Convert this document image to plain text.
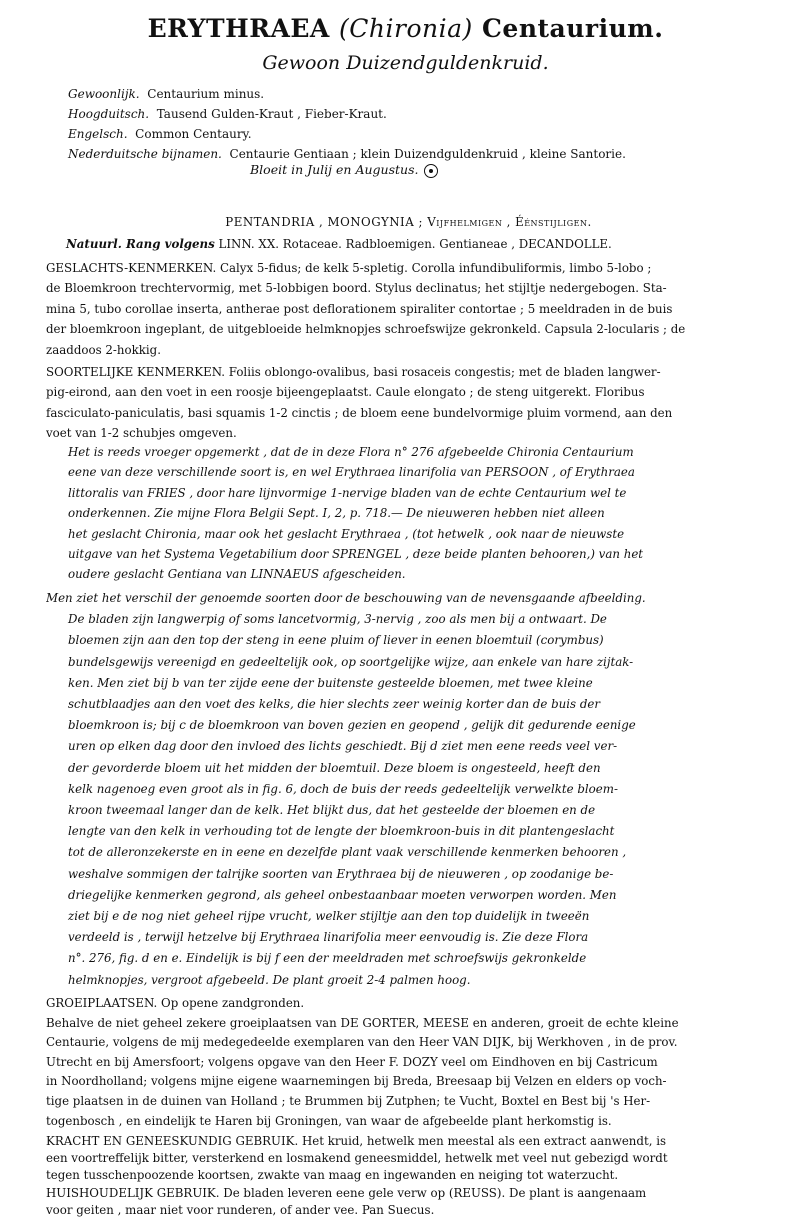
ERYTHRAEA (Chironia) Centaurium.
Gewoon Duizendguldenkruid.
Gewoonlijk. Centaurium minus.
Hoogduitsch. Tausend Gulden-Kraut , Fieber-Kraut.
Engelsch. Common Centaury.
Nederduitsche bijnamen. Centaurie Gentiaan ; klein Duizendguldenkruid , kleine Santorie.
Bloeit in Julij en Augustus.
PENTANDRIA , MONOGYNIA ; Vijfhelmigen , Éénstijligen.
Natuurl. Rang volgens LINN. XX. Rotaceae. Radbloemigen. Gentianeae , DECANDOLLE.
GESLACHTS-KENMERKEN. Calyx 5-fidus; de kelk 5-spletig. Corolla infundibuliformis, limbo 5-lobo ;
de Bloemkroon trechtervormig, met 5-lobbigen boord. Stylus declinatus; het stijltje nedergebogen. Sta-
mina 5, tubo corollae inserta, antherae post deflorationem spiraliter contortae ; 5 meeldraden in de buis
der bloemkroon ingeplant, de uitgebloeide helmknopjes schroefswijze gekronkeld. Capsula 2-locularis ; de
zaaddoos 2-hokkig.
SOORTELIJKE KENMERKEN. Foliis oblongo-ovalibus, basi rosaceis congestis; met de bladen langwer-
pig-eirond, aan den voet in een roosje bijeengeplaatst. Caule elongato ; de steng uitgerekt. Floribus
fasciculato-paniculatis, basi squamis 1-2 cinctis ; de bloem eene bundelvormige pluim vormend, aan den
voet van 1-2 schubjes omgeven.
Het is reeds vroeger opgemerkt , dat de in deze Flora n° 276 afgebeelde Chironia Centaurium
eene van deze verschillende soort is, en wel Erythraea linarifolia van PERSOON , of Erythraea
littoralis van FRIES , door hare lijnvormige 1-nervige bladen van de echte Centaurium wel te
onderkennen. Zie mijne Flora Belgii Sept. I, 2, p. 718.— De nieuweren hebben niet alleen
het geslacht Chironia, maar ook het geslacht Erythraea , (tot hetwelk , ook naar de nieuwste
uitgave van het Systema Vegetabilium door SPRENGEL , deze beide planten behooren,) van het
oudere geslacht Gentiana van LINNAEUS afgescheiden.
Men ziet het verschil der genoemde soorten door de beschouwing van de nevensgaande afbeelding.
De bladen zijn langwerpig of soms lancetvormig, 3-nervig , zoo als men bij a ontwaart. De
bloemen zijn aan den top der steng in eene pluim of liever in eenen bloemtuil (corymbus)
bundelsgewijs vereenigd en gedeeltelijk ook, op soortgelijke wijze, aan enkele van hare zijtak-
ken. Men ziet bij b van ter zijde eene der buitenste gesteelde bloemen, met twee kleine
schutblaadjes aan den voet des kelks, die hier slechts zeer weinig korter dan de buis der
bloemkroon is; bij c de bloemkroon van boven gezien en geopend , gelijk dit gedurende eenige
uren op elken dag door den invloed des lichts geschiedt. Bij d ziet men eene reeds veel ver-
der gevorderde bloem uit het midden der bloemtuil. Deze bloem is ongesteeld, heeft den
kelk nagenoeg even groot als in fig. 6, doch de buis der reeds gedeeltelijk verwelkte bloem-
kroon tweemaal langer dan de kelk. Het blijkt dus, dat het gesteelde der bloemen en de
lengte van den kelk in verhouding tot de lengte der bloemkroon-buis in dit plantengeslacht
tot de alleronzekerste en in eene en dezelfde plant vaak verschillende kenmerken behooren ,
weshalve sommigen der talrijke soorten van Erythraea bij de nieuweren , op zoodanige be-
driegelijke kenmerken gegrond, als geheel onbestaanbaar moeten verworpen worden. Men
ziet bij e de nog niet geheel rijpe vrucht, welker stijltje aan den top duidelijk in tweeën
verdeeld is , terwijl hetzelve bij Erythraea linarifolia meer eenvoudig is. Zie deze Flora
n°. 276, fig. d en e. Eindelijk is bij f een der meeldraden met schroefswijs gekronkelde
helmknopjes, vergroot afgebeeld. De plant groeit 2-4 palmen hoog.
GROEIPLAATSEN. Op opene zandgronden.
Behalve de niet geheel zekere groeiplaatsen van DE GORTER, MEESE en anderen, groeit de echte kleine
Centaurie, volgens de mij medegedeelde exemplaren van den Heer VAN DIJK, bij Werkhoven , in de prov.
Utrecht en bij Amersfoort; volgens opgave van den Heer F. DOZY veel om Eindhoven en bij Castricum
in Noordholland; volgens mijne eigene waarnemingen bij Breda, Breesaap bij Velzen en elders op voch-
tige plaatsen in de duinen van Holland ; te Brummen bij Zutphen; te Vucht, Boxtel en Best bij 's Her-
togenbosch , en eindelijk te Haren bij Groningen, van waar de afgebeelde plant herkomstig is.
KRACHT EN GENEESKUNDIG GEBRUIK. Het kruid, hetwelk men meestal als een extract aanwendt, is
een voortreffelijk bitter, versterkend en losmakend geneesmiddel, hetwelk met veel nut gebezigd wordt
tegen tusschenpoozende koortsen, zwakte van maag en ingewanden en neiging tot waterzucht.
HUISHOUDELIJK GEBRUIK. De bladen leveren eene gele verw op (REUSS). De plant is aangenaam
voor geiten , maar niet voor runderen, of ander vee. Pan Suecus.
